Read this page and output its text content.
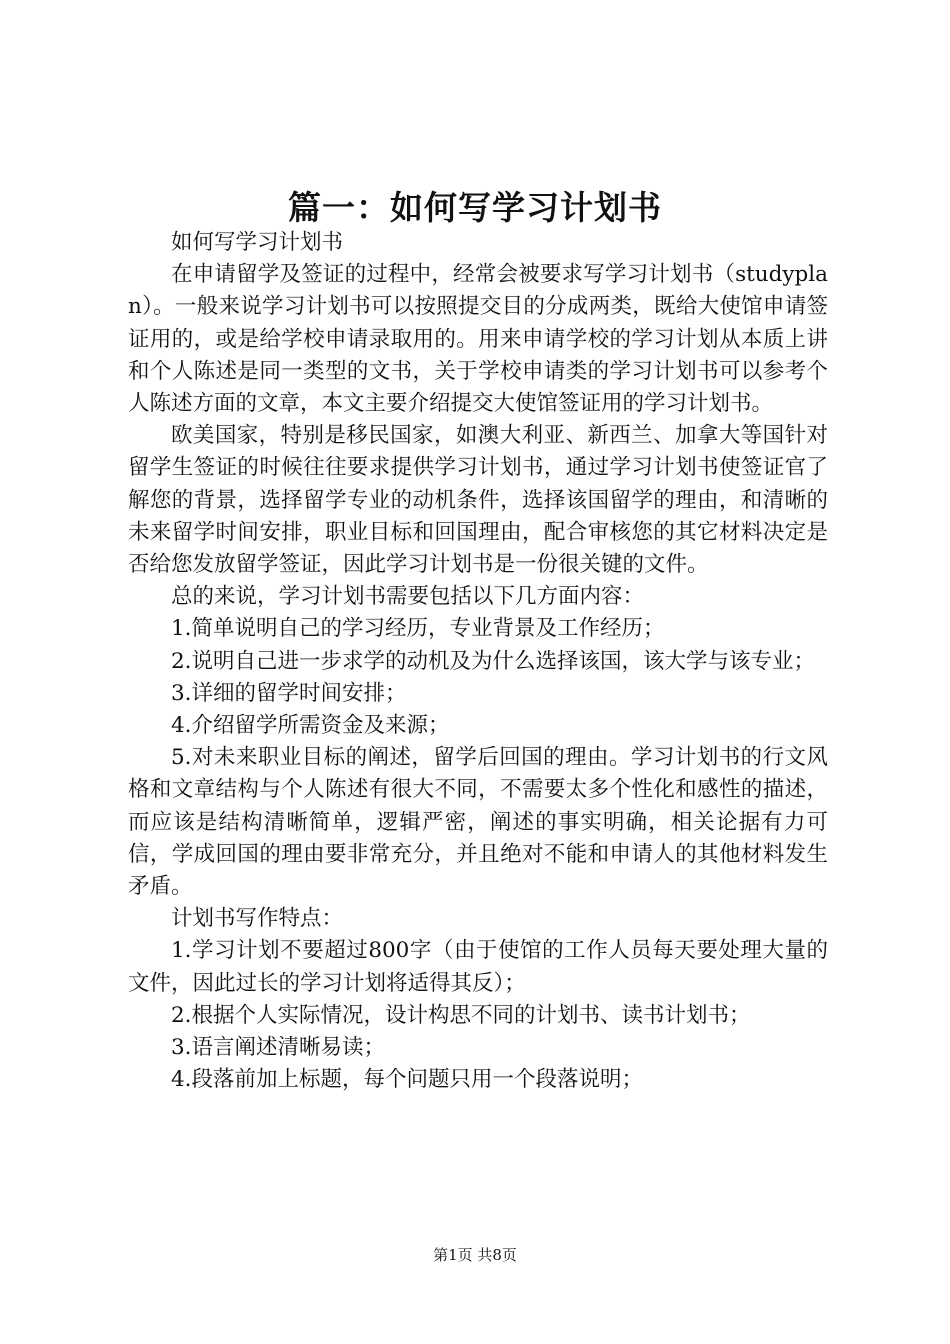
篇一：如何写学习计划书

如何写学习计划书

在申请留学及签证的过程中，经常会被要求写学习计划书（studyplan）。一般来说学习计划书可以按照提交目的分成两类，既给大使馆申请签证用的，或是给学校申请录取用的。用来申请学校的学习计划从本质上讲和个人陈述是同一类型的文书，关于学校申请类的学习计划书可以参考个人陈述方面的文章，本文主要介绍提交大使馆签证用的学习计划书。

欧美国家，特别是移民国家，如澳大利亚、新西兰、加拿大等国针对留学生签证的时候往往要求提供学习计划书，通过学习计划书使签证官了解您的背景，选择留学专业的动机条件，选择该国留学的理由，和清晰的未来留学时间安排，职业目标和回国理由，配合审核您的其它材料决定是否给您发放留学签证，因此学习计划书是一份很关键的文件。

总的来说，学习计划书需要包括以下几方面内容：

1.简单说明自己的学习经历，专业背景及工作经历；

2.说明自己进一步求学的动机及为什么选择该国，该大学与该专业；

3.详细的留学时间安排；

4.介绍留学所需资金及来源；

5.对未来职业目标的阐述，留学后回国的理由。学习计划书的行文风格和文章结构与个人陈述有很大不同，不需要太多个性化和感性的描述，而应该是结构清晰简单，逻辑严密，阐述的事实明确，相关论据有力可信，学成回国的理由要非常充分，并且绝对不能和申请人的其他材料发生矛盾。

计划书写作特点：

1.学习计划不要超过800字（由于使馆的工作人员每天要处理大量的文件，因此过长的学习计划将适得其反）；

2.根据个人实际情况，设计构思不同的计划书、读书计划书；

3.语言阐述清晰易读；

4.段落前加上标题，每个问题只用一个段落说明；

第1页 共8页
